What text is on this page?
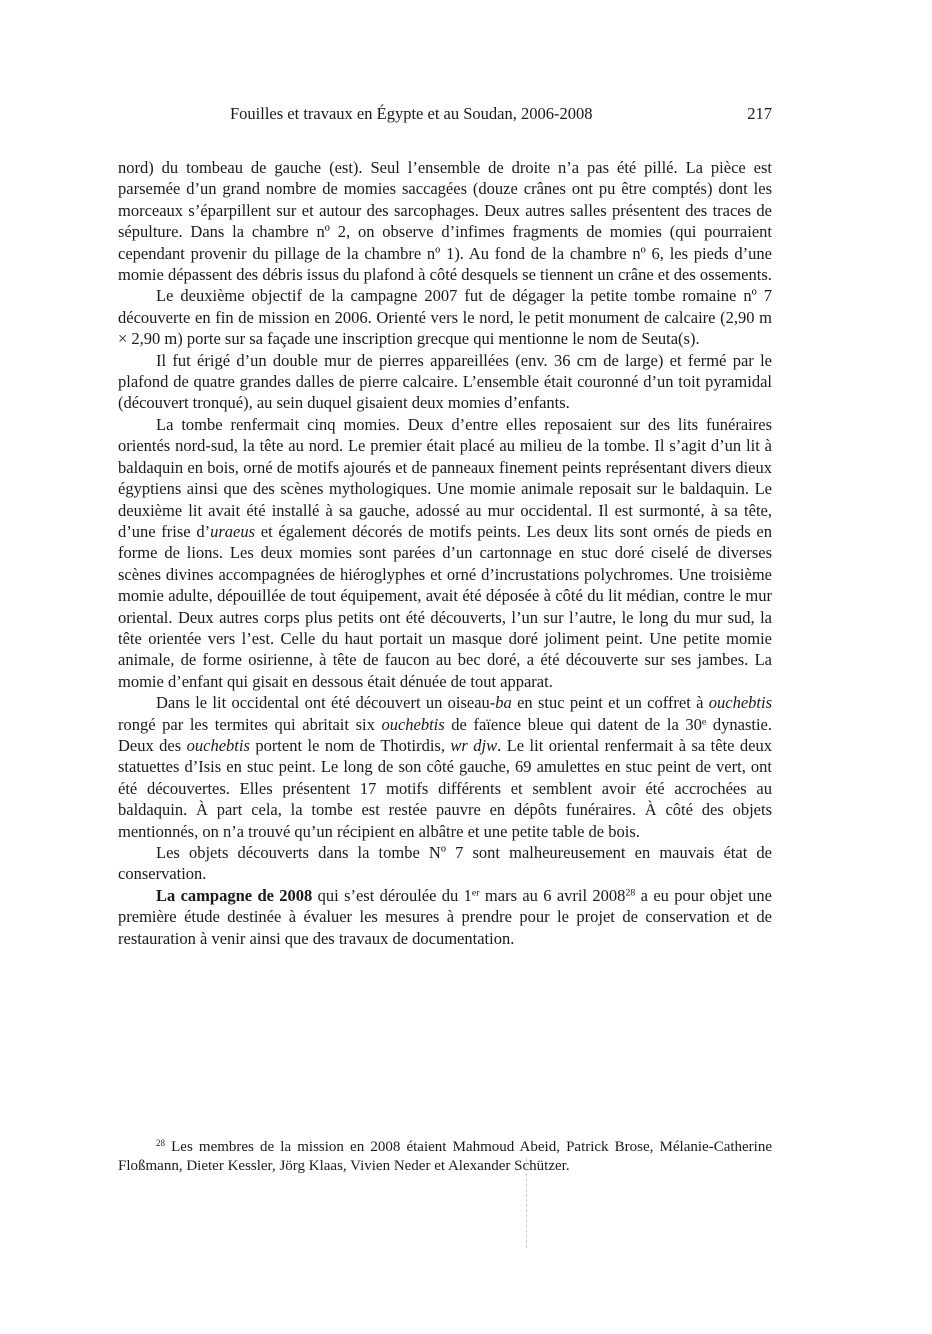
Fouilles et travaux en Égypte et au Soudan, 2006-2008	217

nord) du tombeau de gauche (est). Seul l’ensemble de droite n’a pas été pillé. La pièce est parsemée d’un grand nombre de momies saccagées (douze crânes ont pu être comptés) dont les morceaux s’éparpillent sur et autour des sarcophages. Deux autres salles présentent des traces de sépulture. Dans la chambre nº 2, on observe d’infimes fragments de momies (qui pourraient cependant provenir du pillage de la chambre nº 1). Au fond de la chambre nº 6, les pieds d’une momie dépassent des débris issus du plafond à côté desquels se tiennent un crâne et des ossements.

Le deuxième objectif de la campagne 2007 fut de dégager la petite tombe romaine nº 7 découverte en fin de mission en 2006. Orienté vers le nord, le petit monument de calcaire (2,90 m × 2,90 m) porte sur sa façade une inscription grecque qui mentionne le nom de Seuta(s).

Il fut érigé d’un double mur de pierres appareillées (env. 36 cm de large) et fermé par le plafond de quatre grandes dalles de pierre calcaire. L’ensemble était couronné d’un toit pyramidal (découvert tronqué), au sein duquel gisaient deux momies d’enfants.

La tombe renfermait cinq momies. Deux d’entre elles reposaient sur des lits funéraires orientés nord-sud, la tête au nord. Le premier était placé au milieu de la tombe. Il s’agit d’un lit à baldaquin en bois, orné de motifs ajourés et de panneaux finement peints représentant divers dieux égyptiens ainsi que des scènes mythologiques. Une momie animale reposait sur le baldaquin. Le deuxième lit avait été installé à sa gauche, adossé au mur occidental. Il est surmonté, à sa tête, d’une frise d’uraeus et également décorés de motifs peints. Les deux lits sont ornés de pieds en forme de lions. Les deux momies sont parées d’un cartonnage en stuc doré ciselé de diverses scènes divines accompagnées de hiéroglyphes et orné d’incrustations polychromes. Une troisième momie adulte, dépouillée de tout équipement, avait été déposée à côté du lit médian, contre le mur oriental. Deux autres corps plus petits ont été découverts, l’un sur l’autre, le long du mur sud, la tête orientée vers l’est. Celle du haut portait un masque doré joliment peint. Une petite momie animale, de forme osirienne, à tête de faucon au bec doré, a été découverte sur ses jambes. La momie d’enfant qui gisait en dessous était dénuée de tout apparat.

Dans le lit occidental ont été découvert un oiseau-ba en stuc peint et un coffret à ouchebtis rongé par les termites qui abritait six ouchebtis de faïence bleue qui datent de la 30e dynastie. Deux des ouchebtis portent le nom de Thotirdis, wr djw. Le lit oriental renfermait à sa tête deux statuettes d’Isis en stuc peint. Le long de son côté gauche, 69 amulettes en stuc peint de vert, ont été découvertes. Elles présentent 17 motifs différents et semblent avoir été accrochées au baldaquin. À part cela, la tombe est restée pauvre en dépôts funéraires. À côté des objets mentionnés, on n’a trouvé qu’un récipient en albâtre et une petite table de bois.

Les objets découverts dans la tombe Nº 7 sont malheureusement en mauvais état de conservation.

La campagne de 2008 qui s’est déroulée du 1er mars au 6 avril 2008$^{28}$ a eu pour objet une première étude destinée à évaluer les mesures à prendre pour le projet de conservation et de restauration à venir ainsi que des travaux de documentation.

$^{28}$ Les membres de la mission en 2008 étaient Mahmoud Abeid, Patrick Brose, Mélanie-Catherine Floßmann, Dieter Kessler, Jörg Klaas, Vivien Neder et Alexander Schützer.
